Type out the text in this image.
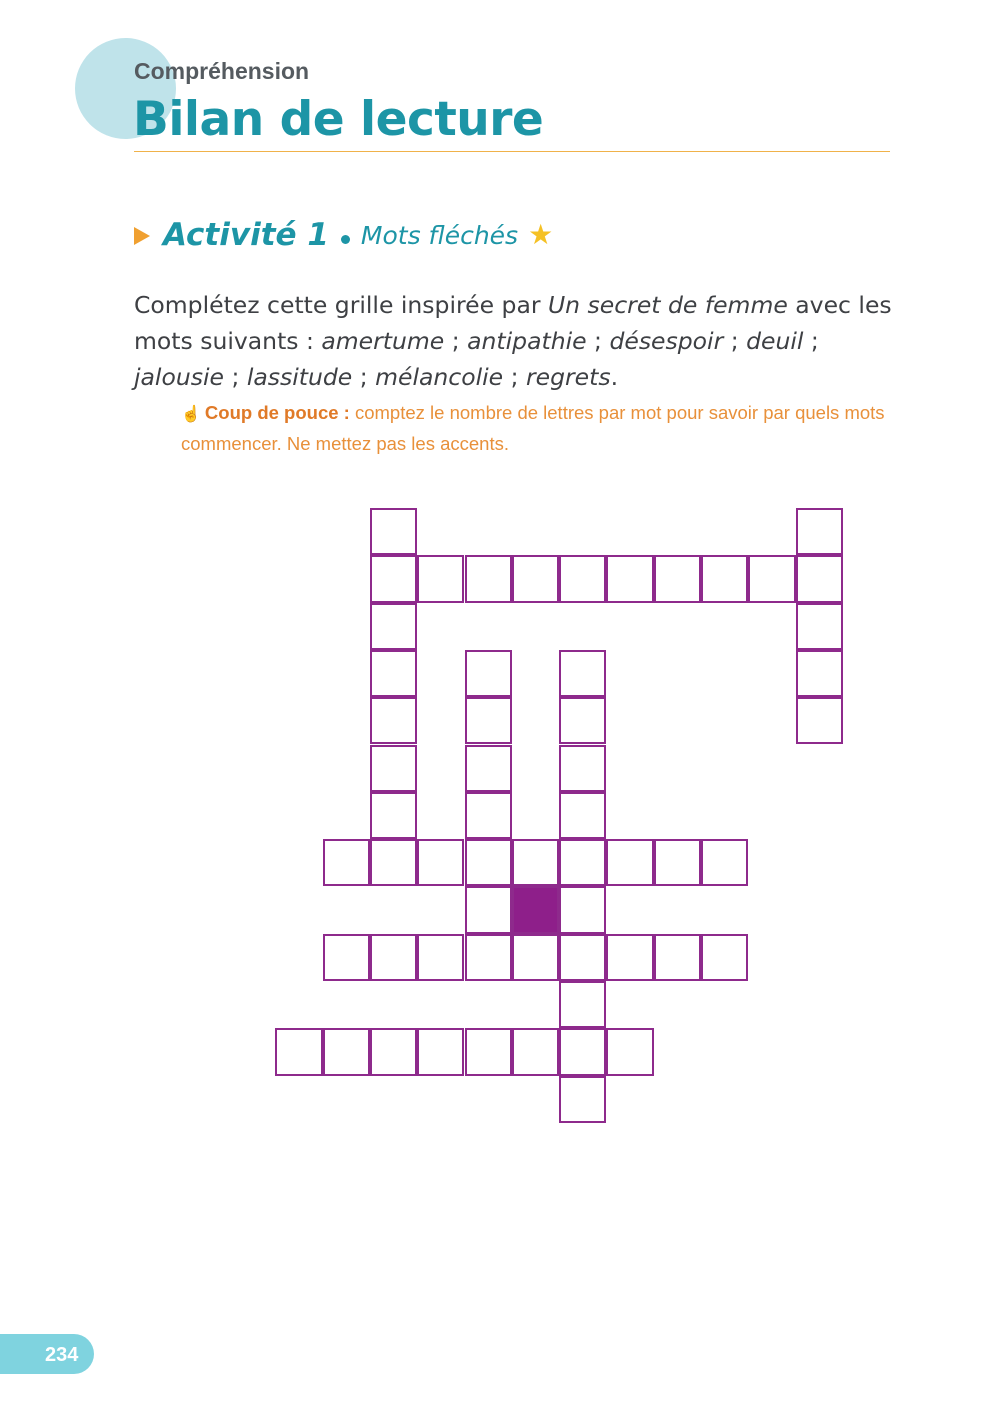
Compréhension
Bilan de lecture
Activité 1 Mots fléchés ★

Complétez cette grille inspirée par Un secret de femme avec les mots suivants : amertume ; antipathie ; désespoir ; deuil ; jalousie ; lassitude ; mélancolie ; regrets.

☝ Coup de pouce : comptez le nombre de lettres par mot pour savoir par quels mots commencer. Ne mettez pas les accents.

234
